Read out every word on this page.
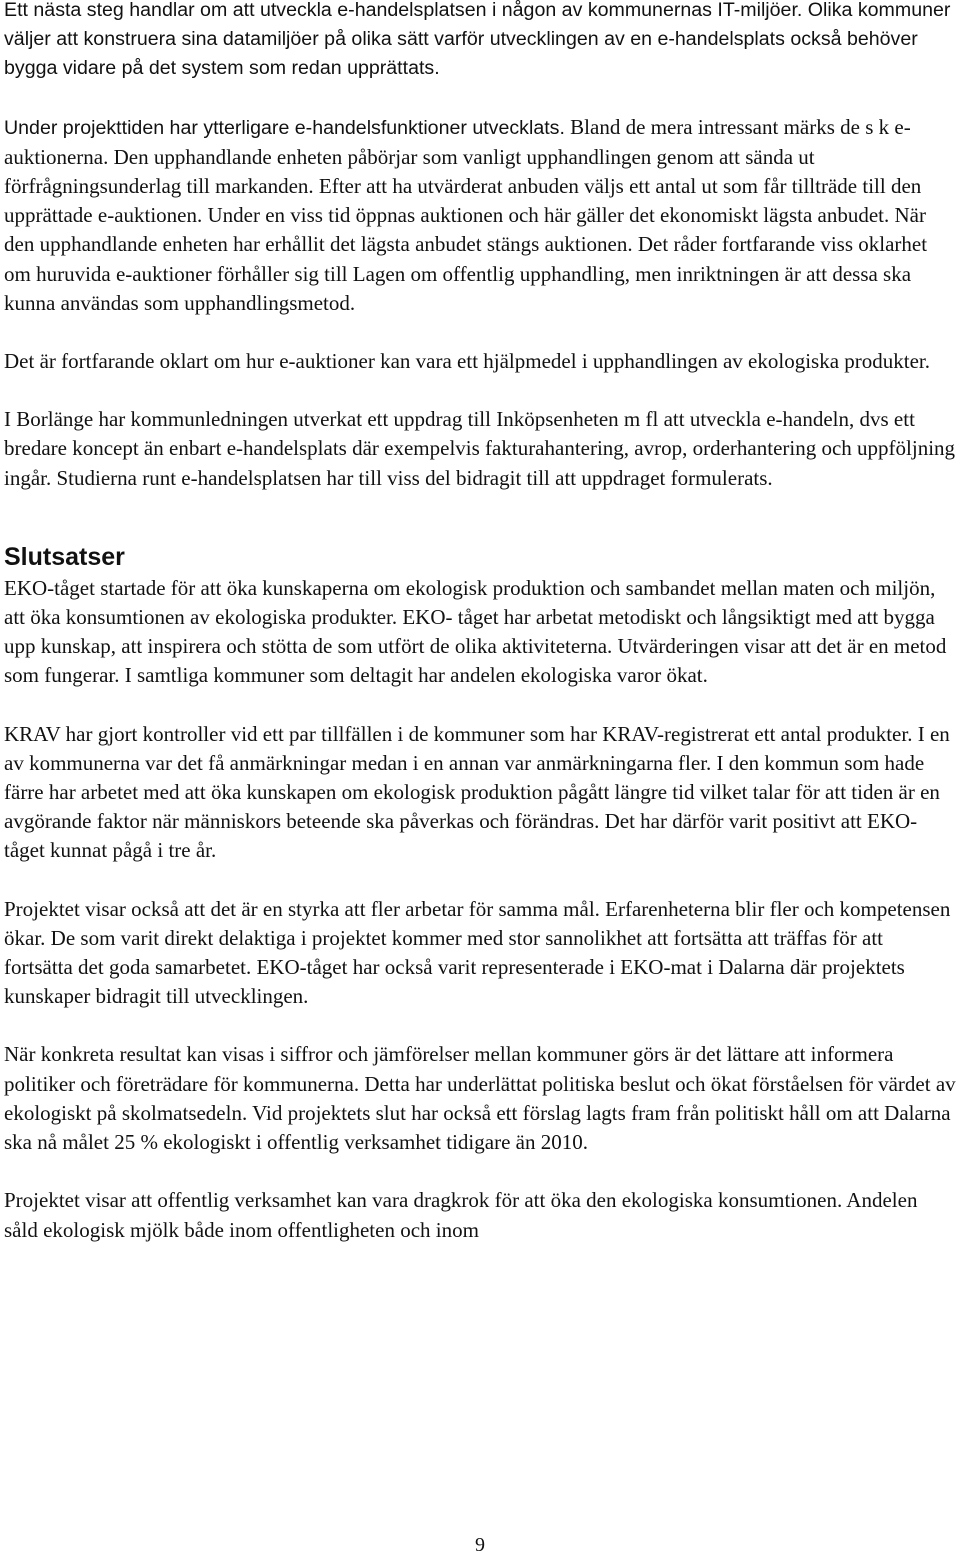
Ett nästa steg handlar om att utveckla e-handelsplatsen i någon av kommunernas IT-miljöer. Olika kommuner väljer att konstruera sina datamiljöer på olika sätt varför utvecklingen av en e-handelsplats också behöver bygga vidare på det system som redan upprättats.

Under projekttiden har ytterligare e-handelsfunktioner utvecklats. Bland de mera intressant märks de s k e-auktionerna. Den upphandlande enheten påbörjar som vanligt upphandlingen genom att sända ut förfrågningsunderlag till markanden. Efter att ha utvärderat anbuden väljs ett antal ut som får tillträde till den upprättade e-auktionen. Under en viss tid öppnas auktionen och här gäller det ekonomiskt lägsta anbudet. När den upphandlande enheten har erhållit det lägsta anbudet stängs auktionen. Det råder fortfarande viss oklarhet om huruvida e-auktioner förhåller sig till Lagen om offentlig upphandling, men inriktningen är att dessa ska kunna användas som upphandlingsmetod.

Det är fortfarande oklart om hur e-auktioner kan vara ett hjälpmedel i upphandlingen av ekologiska produkter.

I Borlänge har kommunledningen utverkat ett uppdrag till Inköpsenheten m fl att utveckla e-handeln, dvs ett bredare koncept än enbart e-handelsplats där exempelvis fakturahantering, avrop, orderhantering och uppföljning ingår. Studierna runt e-handelsplatsen har till viss del bidragit till att uppdraget formulerats.

Slutsatser

EKO-tåget startade för att öka kunskaperna om ekologisk produktion och sambandet mellan maten och miljön, att öka konsumtionen av ekologiska produkter. EKO- tåget har arbetat metodiskt och långsiktigt med att bygga upp kunskap, att inspirera och stötta de som utfört de olika aktiviteterna. Utvärderingen visar att det är en metod som fungerar. I samtliga kommuner som deltagit har andelen ekologiska varor ökat.

KRAV har gjort kontroller vid ett par tillfällen i de kommuner som har KRAV-registrerat ett antal produkter. I en av kommunerna var det få anmärkningar medan i en annan var anmärkningarna fler. I den kommun som hade färre har arbetet med att öka kunskapen om ekologisk produktion pågått längre tid vilket talar för att tiden är en avgörande faktor när människors beteende ska påverkas och förändras. Det har därför varit positivt att EKO-tåget kunnat pågå i tre år.

Projektet visar också att det är en styrka att fler arbetar för samma mål. Erfarenheterna blir fler och kompetensen ökar. De som varit direkt delaktiga i projektet kommer med stor sannolikhet att fortsätta att träffas för att fortsätta det goda samarbetet. EKO-tåget har också varit representerade i EKO-mat i Dalarna där projektets kunskaper bidragit till utvecklingen.

När konkreta resultat kan visas i siffror och jämförelser mellan kommuner görs är det lättare att informera politiker och företrädare för kommunerna. Detta har underlättat politiska beslut och ökat förståelsen för värdet av ekologiskt på skolmatsedeln. Vid projektets slut har också ett förslag lagts fram från politiskt håll om att Dalarna ska nå målet 25 % ekologiskt i offentlig verksamhet tidigare än 2010.

Projektet visar att offentlig verksamhet kan vara dragkrok för att öka den ekologiska konsumtionen. Andelen såld ekologisk mjölk både inom offentligheten och inom

9
